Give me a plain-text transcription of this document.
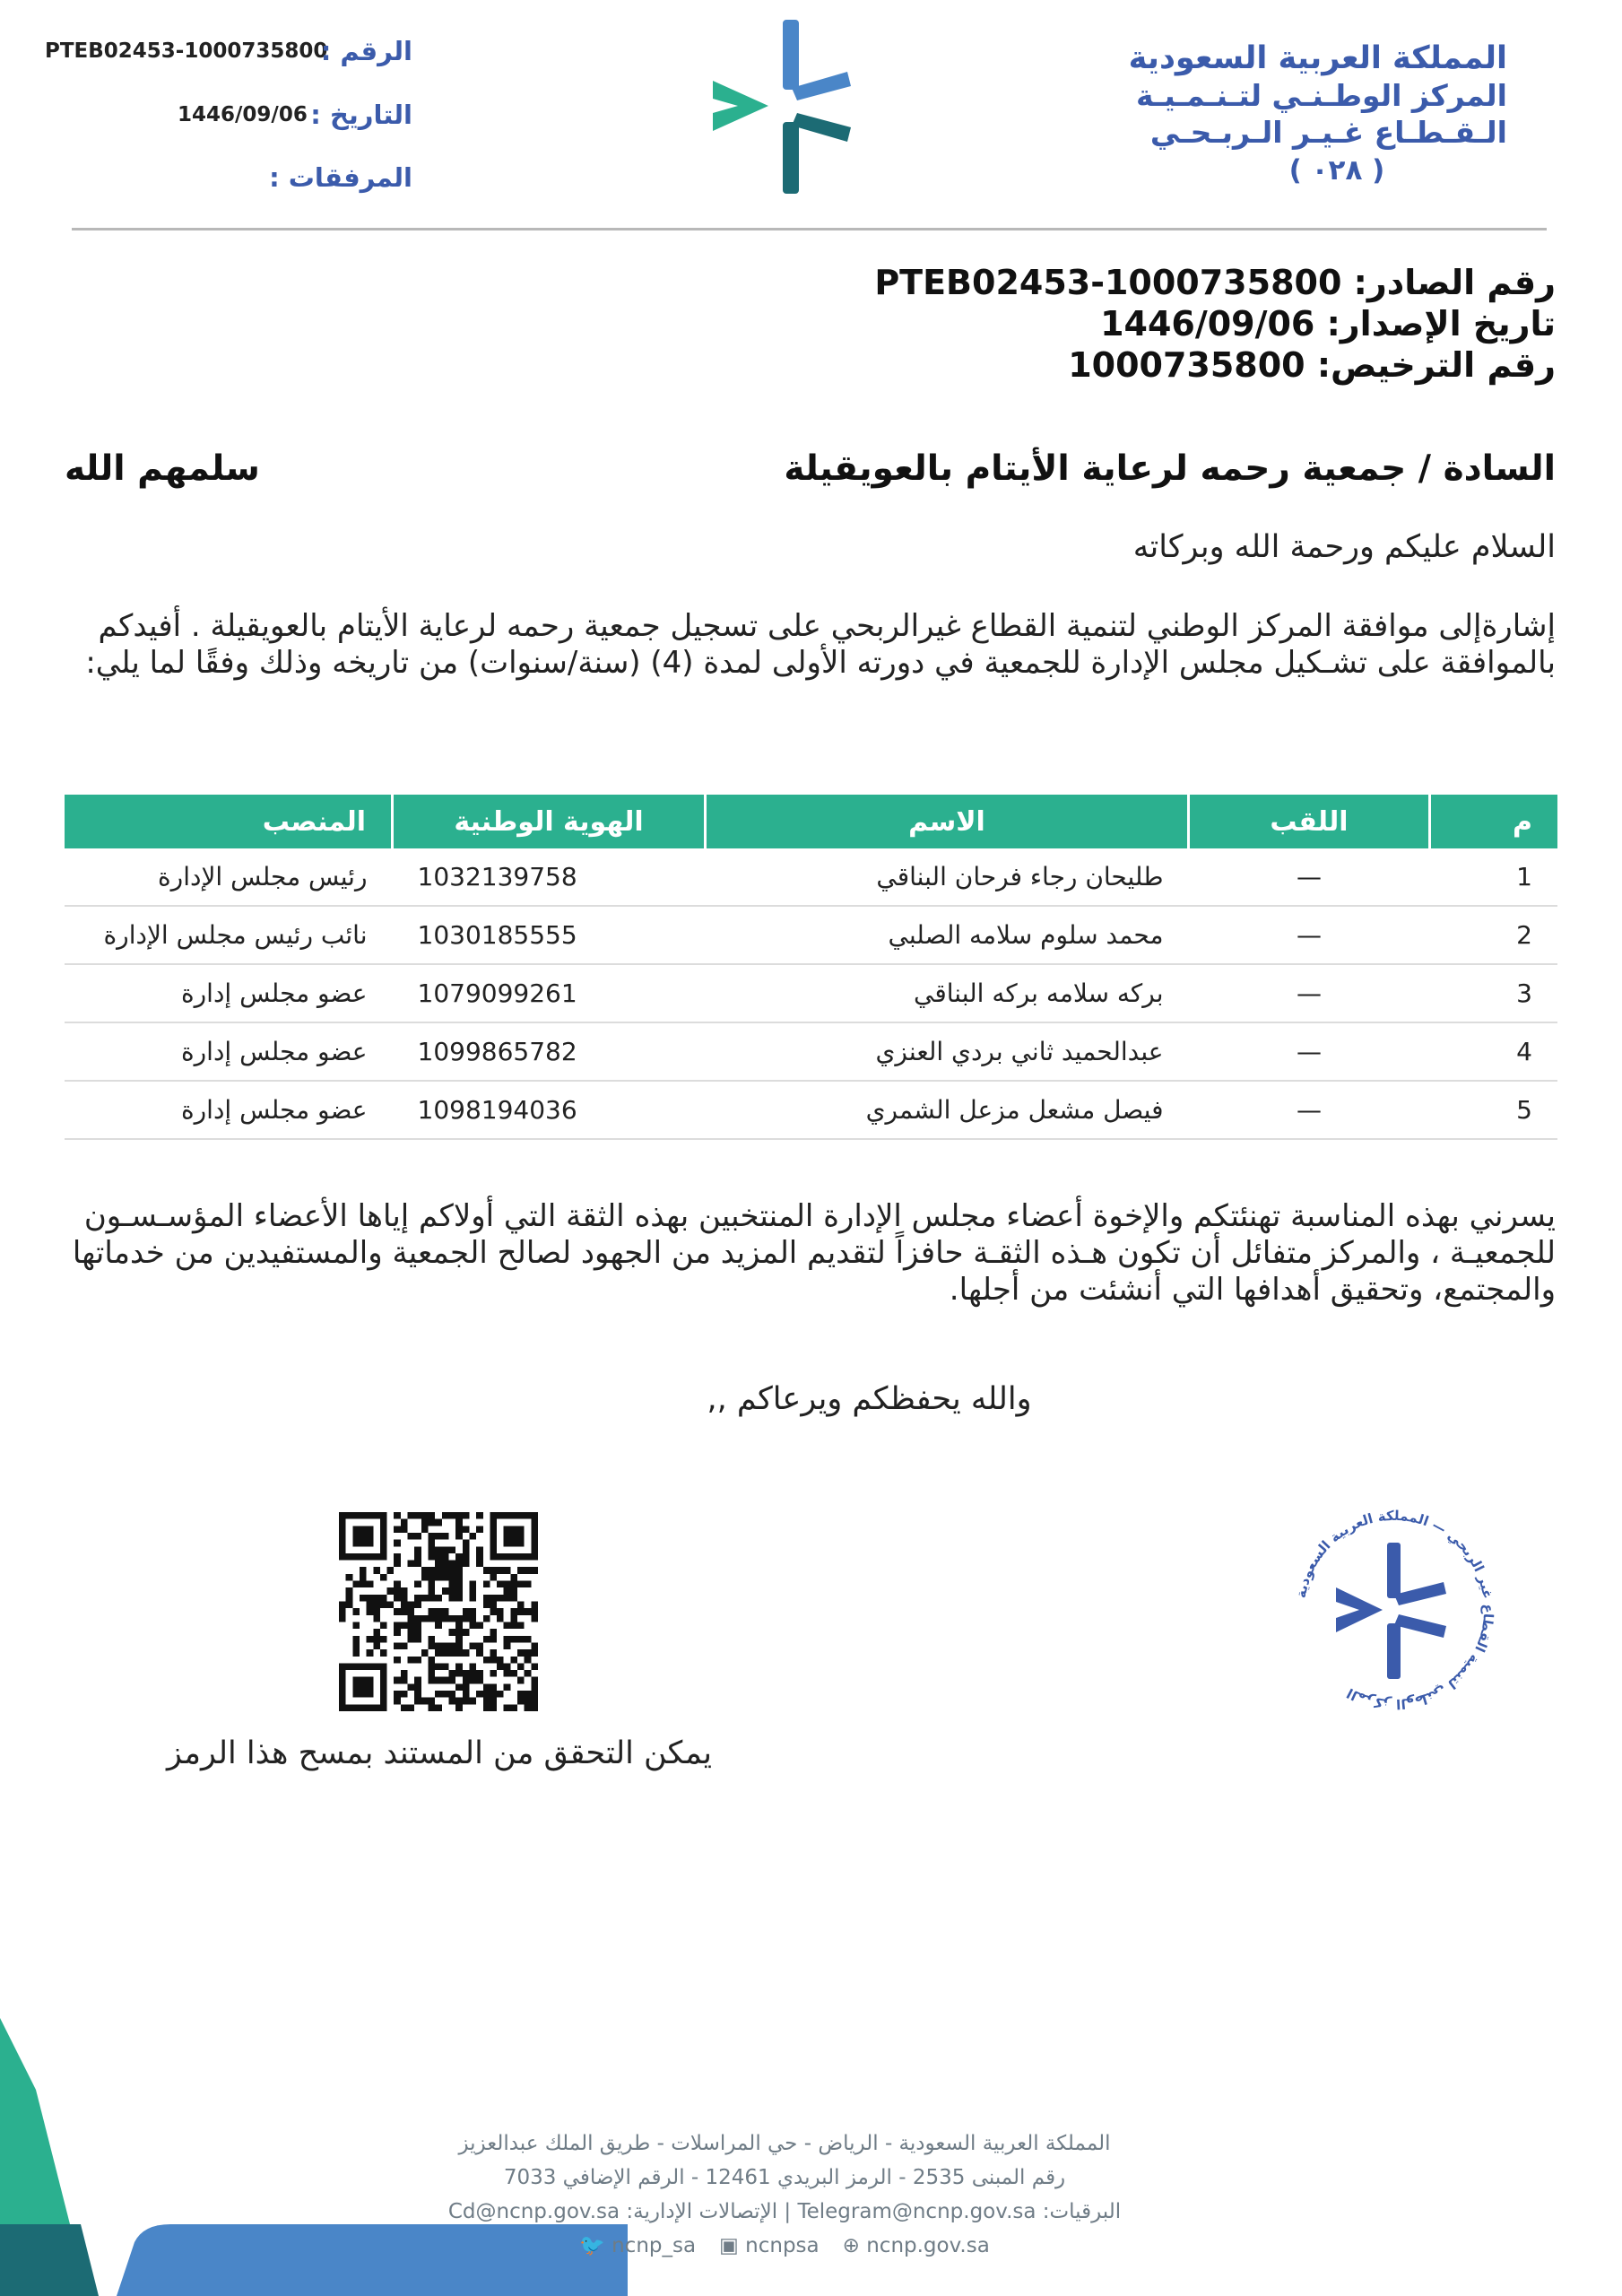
PTEB02453-1000735800
الرقم :
1446/09/06 التاريخ :
المرفقات :
المملكة العربية السعودية
المركز الوطـنـي لتـنـمـيـة
الـقـطـاع غـيـر الـربـحـي
( ٠٢٨ )
رقم الصادر: PTEB02453-1000735800
تاريخ الإصدار: 1446/09/06
رقم الترخيص: 1000735800
السادة / جمعية رحمه لرعاية الأيتام بالعويقيلة
سلمهم الله
السلام عليكم ورحمة الله وبركاته
إشارةإلى موافقة المركز الوطني لتنمية القطاع غيرالربحي على تسجيل جمعية رحمه لرعاية الأيتام بالعويقيلة . أفيدكم بالموافقة على تشـكيل مجلس الإدارة للجمعية في دورته الأولى لمدة (4) (سنة/سنوات) من تاريخه وذلك وفقًا لما يلي:
م	اللقب	الاسم	الهوية الوطنية	المنصب
1	—	طليحان رجاء فرحان البناقي	1032139758	رئيس مجلس الإدارة
2	—	محمد سلوم سلامه الصلبي	1030185555	نائب رئيس مجلس الإدارة
3	—	بركه سلامه بركه البناقي	1079099261	عضو مجلس إدارة
4	—	عبدالحميد ثاني بردي العنزي	1099865782	عضو مجلس إدارة
5	—	فيصل مشعل مزعل الشمري	1098194036	عضو مجلس إدارة
يسرني بهذه المناسبة تهنئتكم والإخوة أعضاء مجلس الإدارة المنتخبين بهذه الثقة التي أولاكم إياها الأعضاء المؤسـسـون للجمعيـة ، والمركز متفائل أن تكون هـذه الثقـة حافزاً لتقديم المزيد من الجهود لصالح الجمعية والمستفيدين من خدماتها والمجتمع، وتحقيق أهدافها التي أنشئت من أجلها.
والله يحفظكم ويرعاكم ,,
يمكن التحقق من المستند بمسح هذا الرمز
المركز الوطني لتنمية القطاع غير الربحي — المملكة العربية السعودية
المملكة العربية السعودية - الرياض - حي المراسلات - طريق الملك عبدالعزيز
رقم المبنى 2535 - الرمز البريدي 12461 - الرقم الإضافي 7033
البرقيات: Telegram@ncnp.gov.sa | الإتصالات الإدارية: Cd@ncnp.gov.sa
🐦 ncnp_sa ▣ ncnpsa ⊕ ncnp.gov.sa
